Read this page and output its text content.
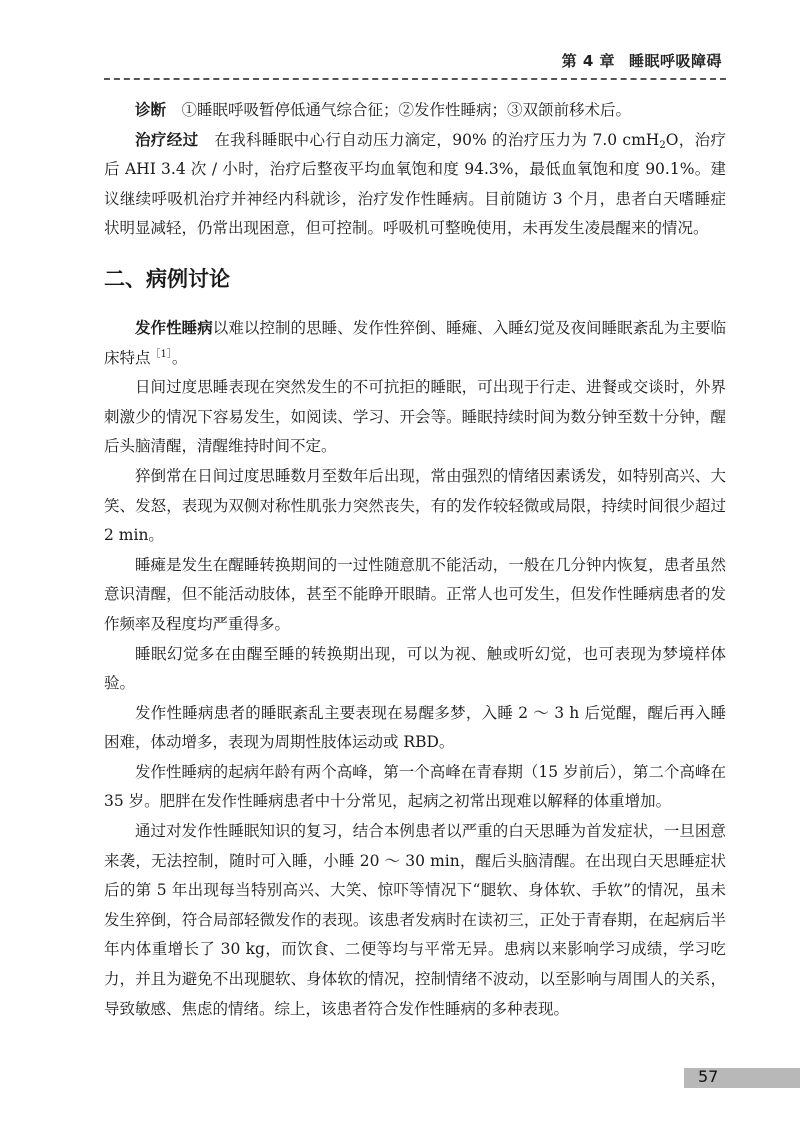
第 4 章 睡眠呼吸障碍

诊断　 ①睡眠呼吸暂停低通气综合征；②发作性睡病；③双颌前移术后。

治疗经过　 在我科睡眠中心行自动压力滴定，90% 的治疗压力为 7.0 cmH$_2$O，治疗后 AHI 3.4 次 / 小时，治疗后整夜平均血氧饱和度 94.3%，最低血氧饱和度 90.1%。建议继续呼吸机治疗并神经内科就诊，治疗发作性睡病。目前随访 3 个月，患者白天嗜睡症状明显减轻，仍常出现困意，但可控制。呼吸机可整晚使用，未再发生凌晨醒来的情况。

二、病例讨论

发作性睡病以难以控制的思睡、发作性猝倒、睡瘫、入睡幻觉及夜间睡眠紊乱为主要临床特点$^{[1]}$。

日间过度思睡表现在突然发生的不可抗拒的睡眠，可出现于行走、进餐或交谈时，外界刺激少的情况下容易发生，如阅读、学习、开会等。睡眠持续时间为数分钟至数十分钟，醒后头脑清醒，清醒维持时间不定。

猝倒常在日间过度思睡数月至数年后出现，常由强烈的情绪因素诱发，如特别高兴、大笑、发怒，表现为双侧对称性肌张力突然丧失，有的发作较轻微或局限，持续时间很少超过 2 min。

睡瘫是发生在醒睡转换期间的一过性随意肌不能活动，一般在几分钟内恢复，患者虽然意识清醒，但不能活动肢体，甚至不能睁开眼睛。正常人也可发生，但发作性睡病患者的发作频率及程度均严重得多。

睡眠幻觉多在由醒至睡的转换期出现，可以为视、触或听幻觉，也可表现为梦境样体验。

发作性睡病患者的睡眠紊乱主要表现在易醒多梦，入睡 2 ～ 3 h 后觉醒，醒后再入睡困难，体动增多，表现为周期性肢体运动或 RBD。

发作性睡病的起病年龄有两个高峰，第一个高峰在青春期（15 岁前后），第二个高峰在 35 岁。肥胖在发作性睡病患者中十分常见，起病之初常出现难以解释的体重增加。

通过对发作性睡眠知识的复习，结合本例患者以严重的白天思睡为首发症状，一旦困意来袭，无法控制，随时可入睡，小睡 20 ～ 30 min，醒后头脑清醒。在出现白天思睡症状后的第 5 年出现每当特别高兴、大笑、惊吓等情况下“腿软、身体软、手软”的情况，虽未发生猝倒，符合局部轻微发作的表现。该患者发病时在读初三，正处于青春期，在起病后半年内体重增长了 30 kg，而饮食、二便等均与平常无异。患病以来影响学习成绩，学习吃力，并且为避免不出现腿软、身体软的情况，控制情绪不波动，以至影响与周围人的关系，导致敏感、焦虑的情绪。综上，该患者符合发作性睡病的多种表现。

57
